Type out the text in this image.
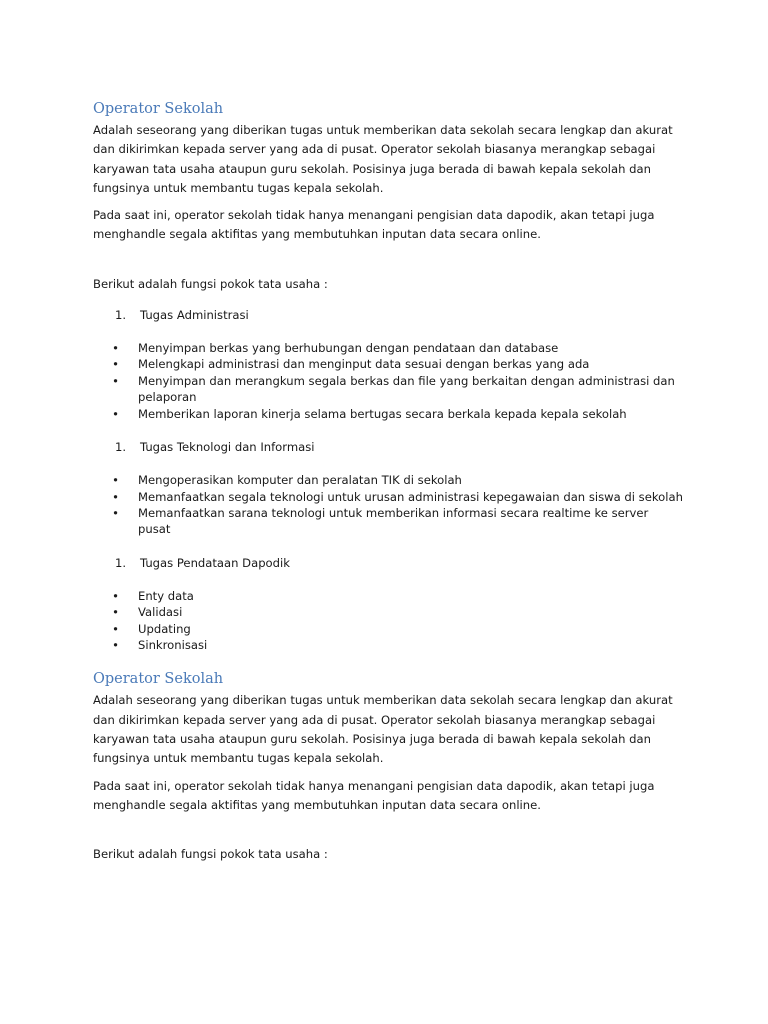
Operator Sekolah

Adalah seseorang yang diberikan tugas untuk memberikan data sekolah secara lengkap dan akurat dan dikirimkan kepada server yang ada di pusat. Operator sekolah biasanya merangkap sebagai karyawan tata usaha ataupun guru sekolah. Posisinya juga berada di bawah kepala sekolah dan fungsinya untuk membantu tugas kepala sekolah.

Pada saat ini, operator sekolah tidak hanya menangani pengisian data dapodik, akan tetapi juga menghandle segala aktifitas yang membutuhkan inputan data secara online.

Berikut adalah fungsi pokok tata usaha :

1.	Tugas Administrasi
•	Menyimpan berkas yang berhubungan dengan pendataan dan database
•	Melengkapi administrasi dan menginput data sesuai dengan berkas yang ada
•	Menyimpan dan merangkum segala berkas dan file yang berkaitan dengan administrasi dan pelaporan
•	Memberikan laporan kinerja selama bertugas secara berkala kepada kepala sekolah
1.	Tugas Teknologi dan Informasi
•	Mengoperasikan komputer dan peralatan TIK di sekolah
•	Memanfaatkan segala teknologi untuk urusan administrasi kepegawaian dan siswa di sekolah
•	Memanfaatkan sarana teknologi untuk memberikan informasi secara realtime ke server pusat
1.	Tugas Pendataan Dapodik
•	Enty data
•	Validasi
•	Updating
•	Sinkronisasi
Operator Sekolah

Adalah seseorang yang diberikan tugas untuk memberikan data sekolah secara lengkap dan akurat dan dikirimkan kepada server yang ada di pusat. Operator sekolah biasanya merangkap sebagai karyawan tata usaha ataupun guru sekolah. Posisinya juga berada di bawah kepala sekolah dan fungsinya untuk membantu tugas kepala sekolah.

Pada saat ini, operator sekolah tidak hanya menangani pengisian data dapodik, akan tetapi juga menghandle segala aktifitas yang membutuhkan inputan data secara online.

Berikut adalah fungsi pokok tata usaha :
